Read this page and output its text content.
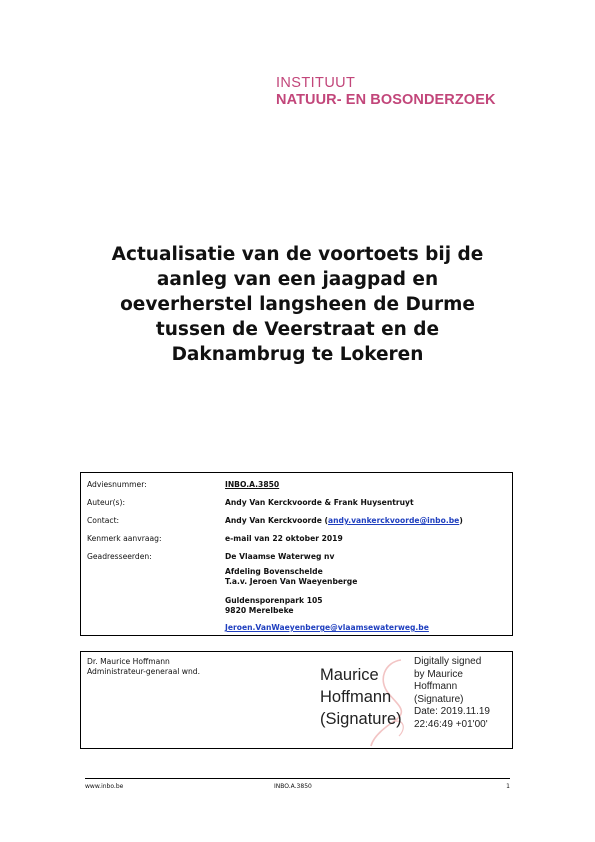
INSTITUUT
NATUUR- EN BOSONDERZOEK
Actualisatie van de voortoets bij de
aanleg van een jaagpad en
oeverherstel langsheen de Durme
tussen de Veerstraat en de
Daknambrug te Lokeren
Adviesnummer:	INBO.A.3850
Auteur(s):	Andy Van Kerckvoorde & Frank Huysentruyt
Contact:	Andy Van Kerckvoorde (andy.vankerckvoorde@inbo.be)
Kenmerk aanvraag:	e-mail van 22 oktober 2019
Geadresseerden:	De Vlaamse Waterweg nv
Afdeling Bovenschelde
T.a.v. Jeroen Van Waeyenberge
Guldensporenpark 105
9820 Merelbeke
Jeroen.VanWaeyenberge@vlaamsewaterweg.be
Dr. Maurice Hoffmann
Administrateur-generaal wnd.	Maurice
Hoffmann
(Signature)
Digitally signed
by Maurice
Hoffmann
(Signature)
Date: 2019.11.19
22:46:49 +01'00'
www.inbo.be	INBO.A.3850	1
